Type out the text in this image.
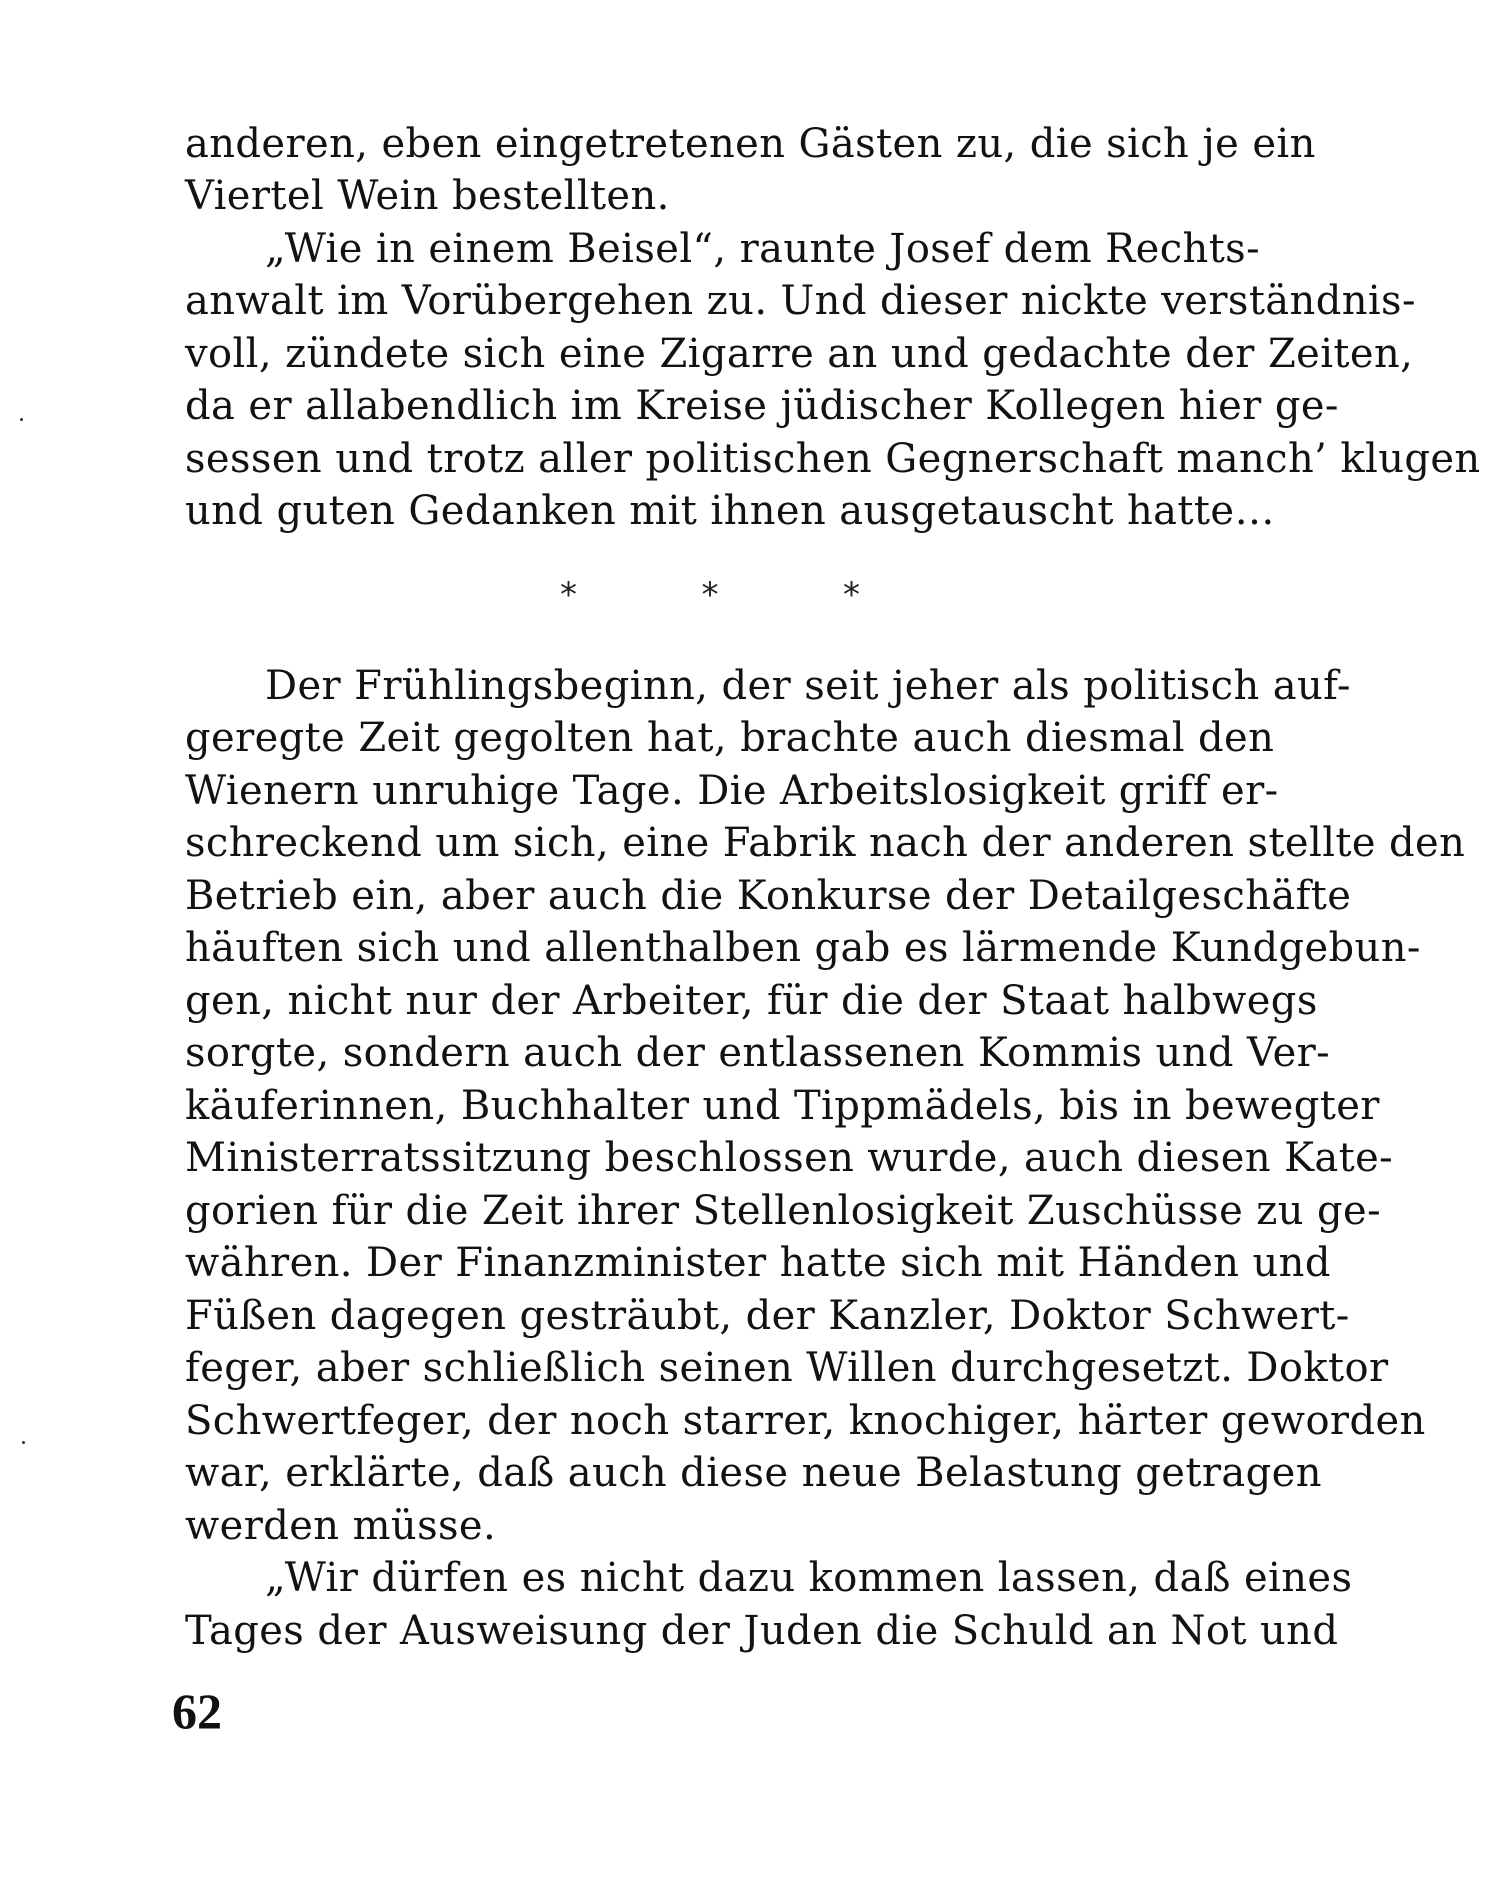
anderen, eben eingetretenen Gästen zu, die sich je ein
Viertel Wein bestellten.
„Wie in einem Beisel“, raunte Josef dem Rechts-
anwalt im Vorübergehen zu. Und dieser nickte verständnis-
voll, zündete sich eine Zigarre an und gedachte der Zeiten,
da er allabendlich im Kreise jüdischer Kollegen hier ge-
sessen und trotz aller politischen Gegnerschaft manch’ klugen
und guten Gedanken mit ihnen ausgetauscht hatte…
*	*	*
Der Frühlingsbeginn, der seit jeher als politisch auf-
geregte Zeit gegolten hat, brachte auch diesmal den
Wienern unruhige Tage. Die Arbeitslosigkeit griff er-
schreckend um sich, eine Fabrik nach der anderen stellte den
Betrieb ein, aber auch die Konkurse der Detailgeschäfte
häuften sich und allenthalben gab es lärmende Kundgebun-
gen, nicht nur der Arbeiter, für die der Staat halbwegs
sorgte, sondern auch der entlassenen Kommis und Ver-
käuferinnen, Buchhalter und Tippmädels, bis in bewegter
Ministerratssitzung beschlossen wurde, auch diesen Kate-
gorien für die Zeit ihrer Stellenlosigkeit Zuschüsse zu ge-
währen. Der Finanzminister hatte sich mit Händen und
Füßen dagegen gesträubt, der Kanzler, Doktor Schwert-
feger, aber schließlich seinen Willen durchgesetzt. Doktor
Schwertfeger, der noch starrer, knochiger, härter geworden
war, erklärte, daß auch diese neue Belastung getragen
werden müsse.
„Wir dürfen es nicht dazu kommen lassen, daß eines
Tages der Ausweisung der Juden die Schuld an Not und
62
